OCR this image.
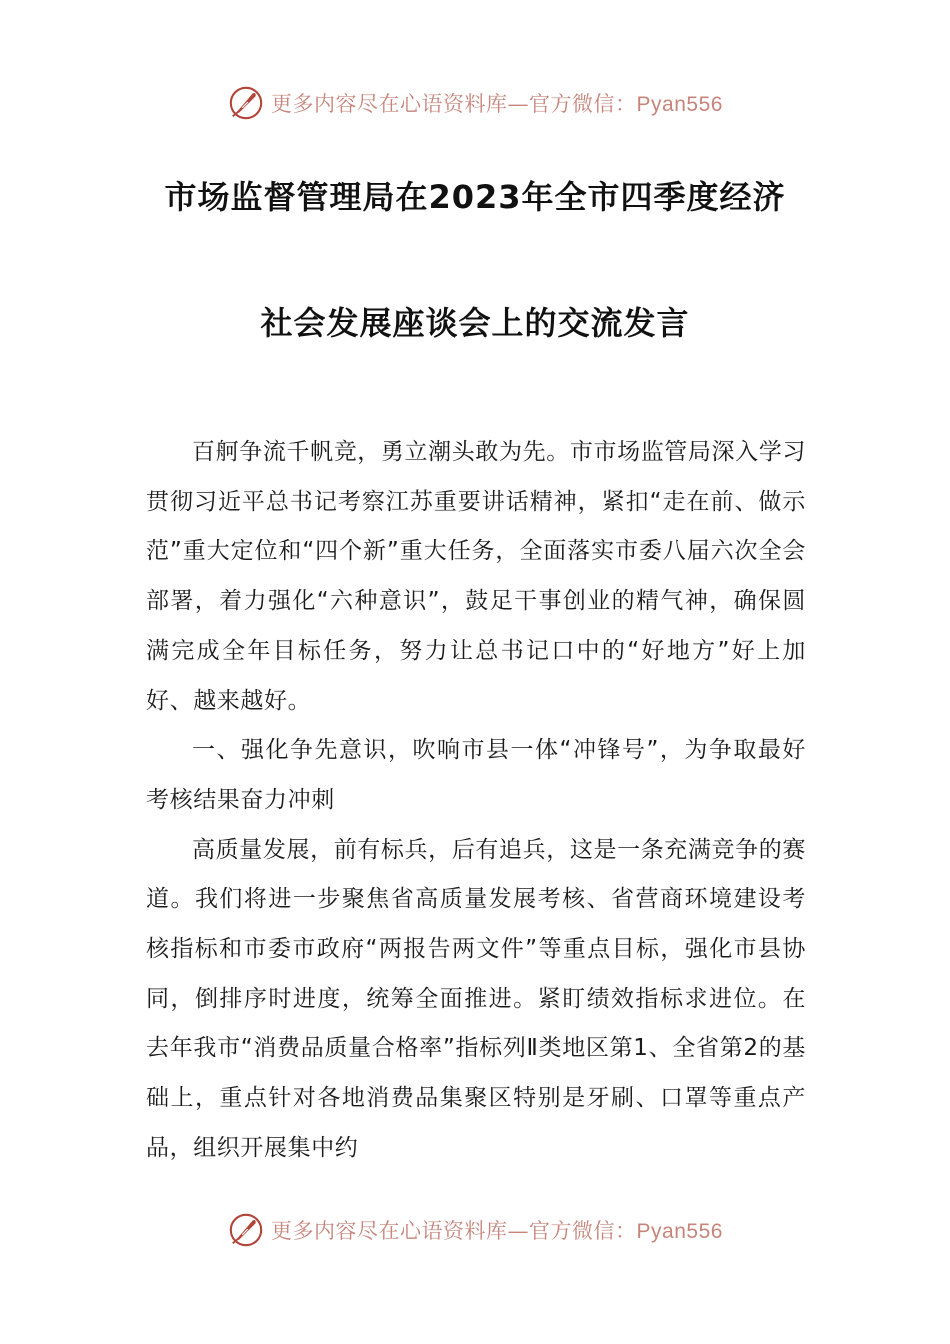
更多内容尽在心语资料库—官方微信：Pyan556
市场监督管理局在2023年全市四季度经济
社会发展座谈会上的交流发言

百舸争流千帆竞，勇立潮头敢为先。市市场监管局深入学习贯彻习近平总书记考察江苏重要讲话精神，紧扣“走在前、做示范”重大定位和“四个新”重大任务，全面落实市委八届六次全会部署，着力强化“六种意识”，鼓足干事创业的精气神，确保圆满完成全年目标任务，努力让总书记口中的“好地方”好上加好、越来越好。

一、强化争先意识，吹响市县一体“冲锋号”，为争取最好考核结果奋力冲刺

高质量发展，前有标兵，后有追兵，这是一条充满竞争的赛道。我们将进一步聚焦省高质量发展考核、省营商环境建设考核指标和市委市政府“两报告两文件”等重点目标，强化市县协同，倒排序时进度，统筹全面推进。紧盯绩效指标求进位。在去年我市“消费品质量合格率”指标列Ⅱ类地区第1、全省第2的基础上，重点针对各地消费品集聚区特别是牙刷、口罩等重点产品，组织开展集中约

更多内容尽在心语资料库—官方微信：Pyan556
